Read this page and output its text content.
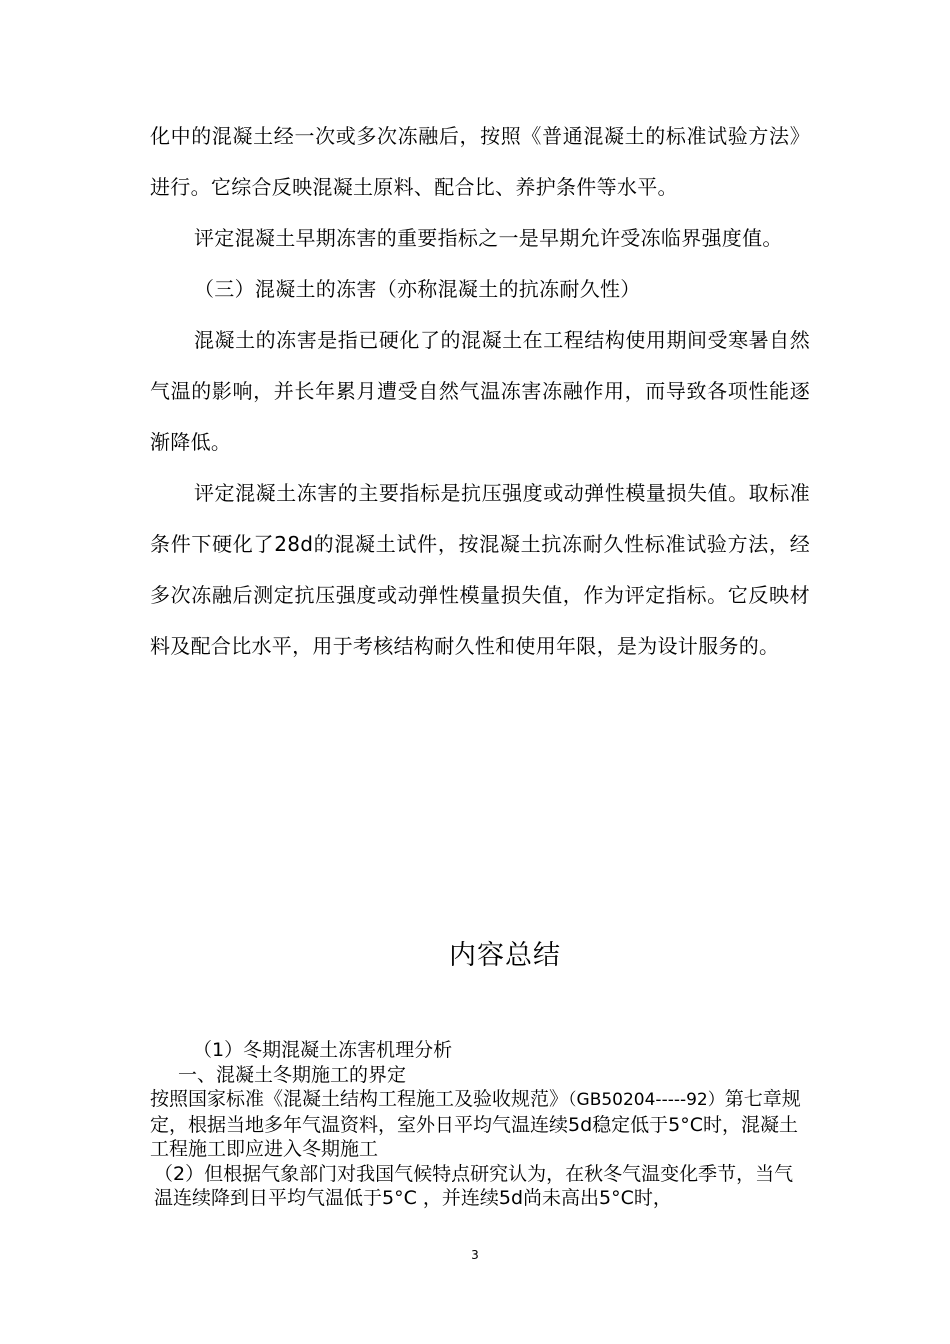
化中的混凝土经一次或多次冻融后，按照《普通混凝土的标准试验方法》进行。它综合反映混凝土原料、配合比、养护条件等水平。

评定混凝土早期冻害的重要指标之一是早期允许受冻临界强度值。

（三）混凝土的冻害（亦称混凝土的抗冻耐久性）

混凝土的冻害是指已硬化了的混凝土在工程结构使用期间受寒暑自然气温的影响，并长年累月遭受自然气温冻害冻融作用，而导致各项性能逐渐降低。

评定混凝土冻害的主要指标是抗压强度或动弹性模量损失值。取标准条件下硬化了28d的混凝土试件，按混凝土抗冻耐久性标准试验方法，经多次冻融后测定抗压强度或动弹性模量损失值，作为评定指标。它反映材料及配合比水平，用于考核结构耐久性和使用年限，是为设计服务的。

内容总结

（1）冬期混凝土冻害机理分析

一、混凝土冬期施工的界定

按照国家标准《混凝土结构工程施工及验收规范》（GB50204-----92）第七章规定，根据当地多年气温资料，室外日平均气温连续5d稳定低于5°C时，混凝土工程施工即应进入冬期施工

（2）但根据气象部门对我国气候特点研究认为，在秋冬气温变化季节，当气温连续降到日平均气温低于5°C ，并连续5d尚未高出5°C时，

3
